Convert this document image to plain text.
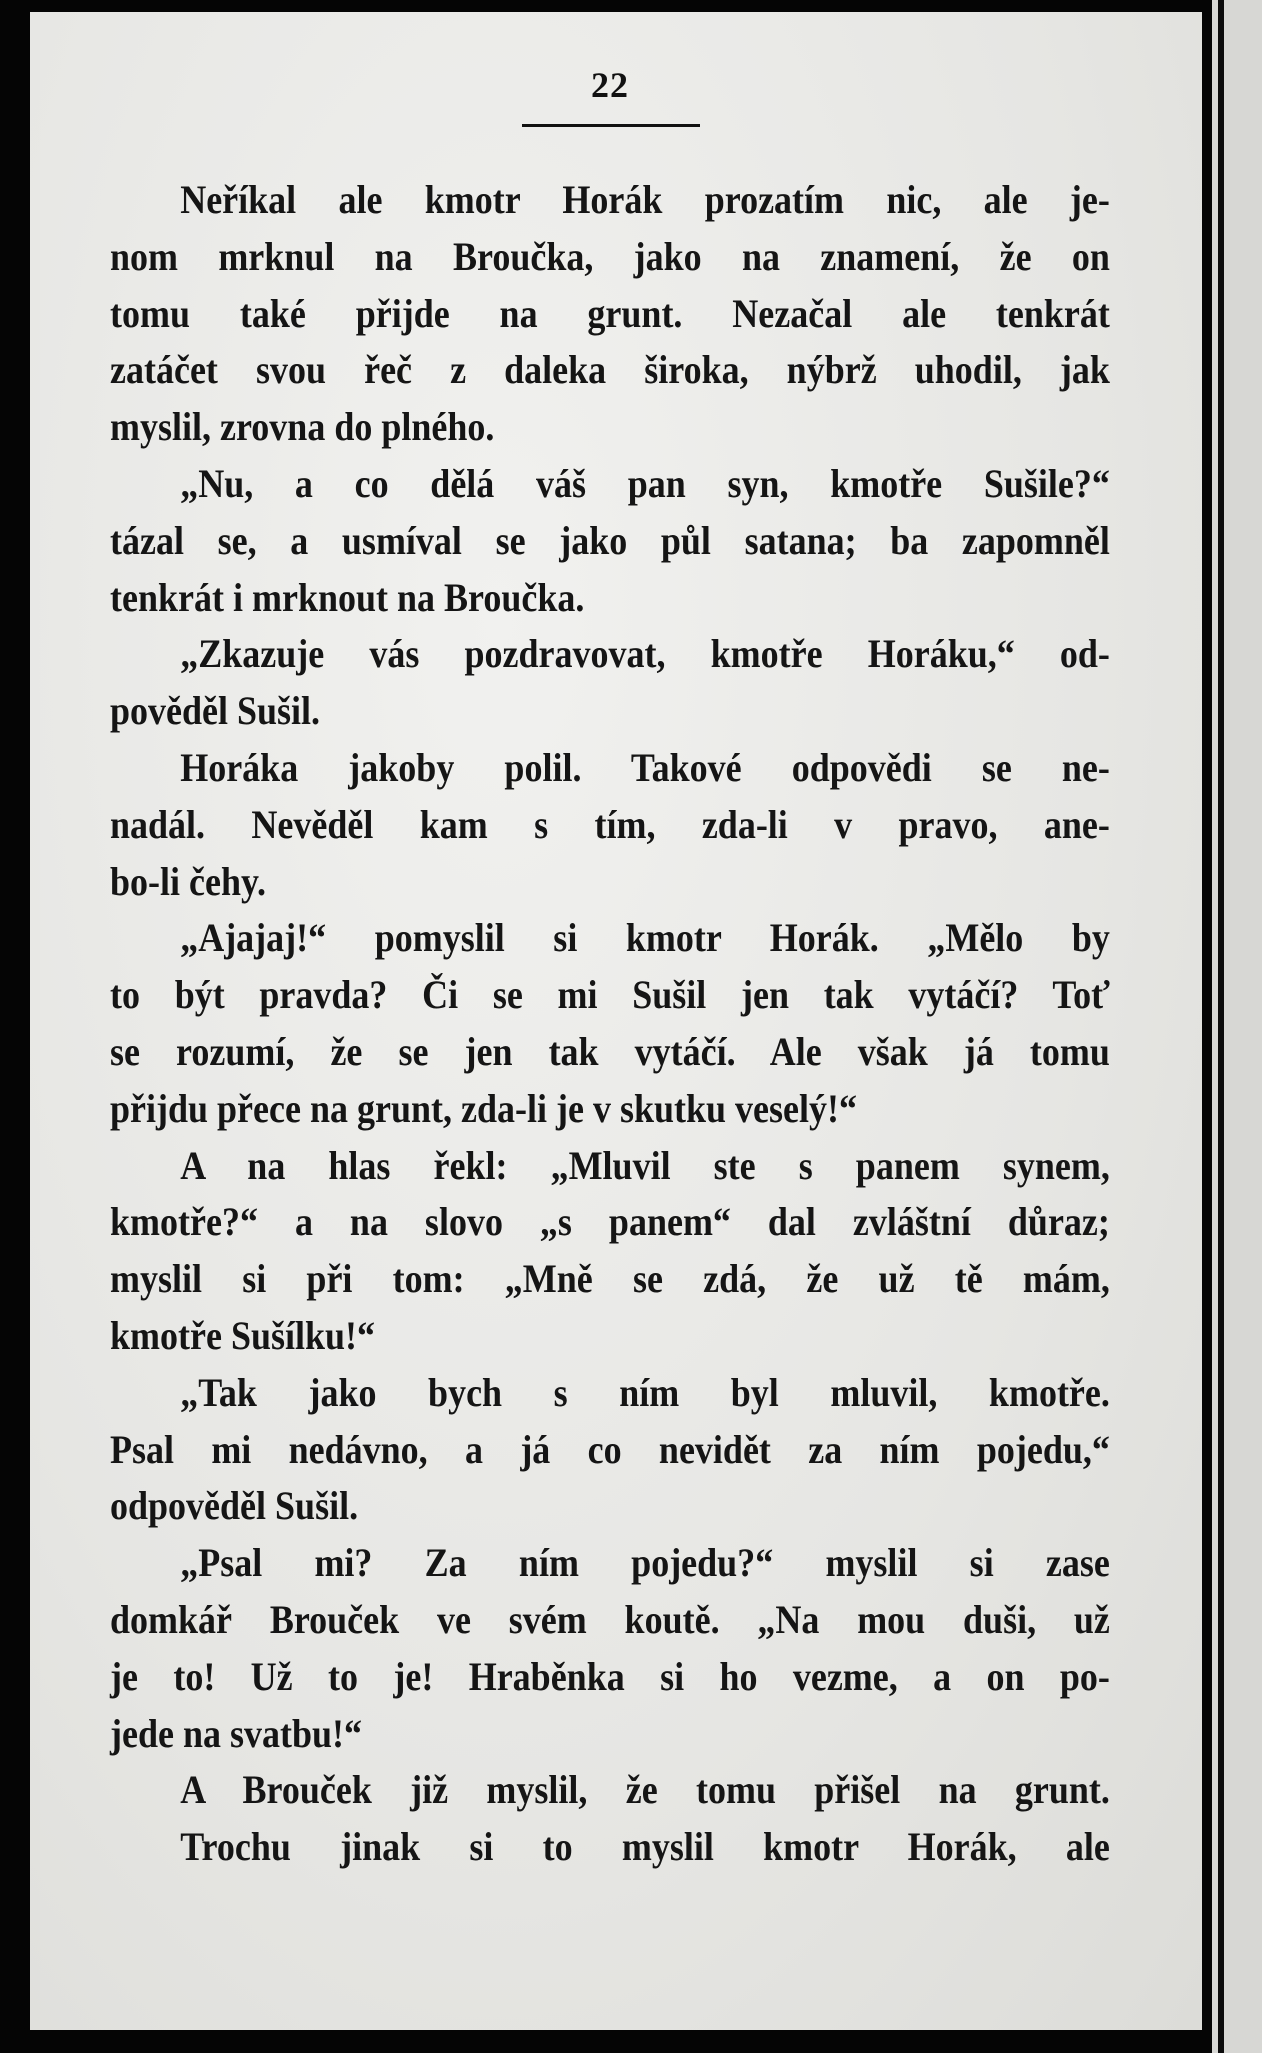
22
Neříkal ale kmotr Horák prozatím nic, ale je-
nom mrknul na Broučka, jako na znamení, že on
tomu také přijde na grunt. Nezačal ale tenkrát
zatáčet svou řeč z daleka široka, nýbrž uhodil, jak
myslil, zrovna do plného.
„Nu, a co dělá váš pan syn, kmotře Sušile?“
tázal se, a usmíval se jako půl satana; ba zapomněl
tenkrát i mrknout na Broučka.
„Zkazuje vás pozdravovat, kmotře Horáku,“ od-
pověděl Sušil.
Horáka jakoby polil. Takové odpovědi se ne-
nadál. Nevěděl kam s tím, zda-li v pravo, ane-
bo-li čehy.
„Ajajaj!“ pomyslil si kmotr Horák. „Mělo by
to být pravda? Či se mi Sušil jen tak vytáčí? Toť
se rozumí, že se jen tak vytáčí. Ale však já tomu
přijdu přece na grunt, zda-li je v skutku veselý!“
A na hlas řekl: „Mluvil ste s panem synem,
kmotře?“ a na slovo „s panem“ dal zvláštní důraz;
myslil si při tom: „Mně se zdá, že už tě mám,
kmotře Sušílku!“
„Tak jako bych s ním byl mluvil, kmotře.
Psal mi nedávno, a já co nevidět za ním pojedu,“
odpověděl Sušil.
„Psal mi? Za ním pojedu?“ myslil si zase
domkář Brouček ve svém koutě. „Na mou duši, už
je to! Už to je! Hraběnka si ho vezme, a on po-
jede na svatbu!“
A Brouček již myslil, že tomu přišel na grunt.
Trochu jinak si to myslil kmotr Horák, ale
